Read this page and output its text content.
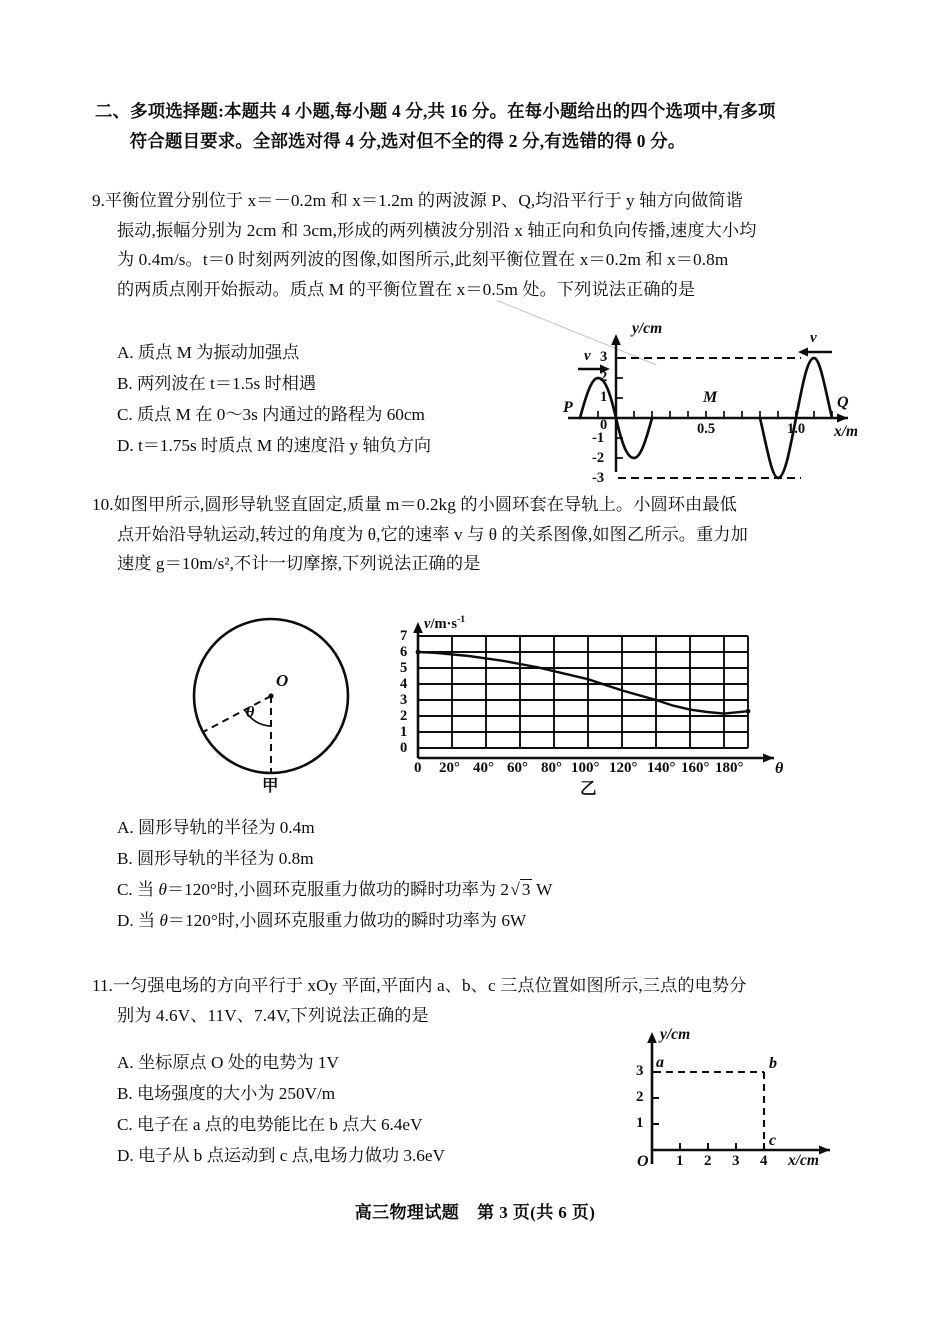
二、多项选择题:本题共 4 小题,每小题 4 分,共 16 分。在每小题给出的四个选项中,有多项
符合题目要求。全部选对得 4 分,选对但不全的得 2 分,有选错的得 0 分。
9.平衡位置分别位于 x＝－0.2m 和 x＝1.2m 的两波源 P、Q,均沿平行于 y 轴方向做简谐
振动,振幅分别为 2cm 和 3cm,形成的两列横波分别沿 x 轴正向和负向传播,速度大小均
为 0.4m/s。t＝0 时刻两列波的图像,如图所示,此刻平衡位置在 x＝0.2m 和 x＝0.8m
的两质点刚开始振动。质点 M 的平衡位置在 x＝0.5m 处。下列说法正确的是
A. 质点 M 为振动加强点
B. 两列波在 t＝1.5s 时相遇
C. 质点 M 在 0～3s 内通过的路程为 60cm
D. t＝1.75s 时质点 M 的速度沿 y 轴负方向
y/cm
x/m
3
2
1
0
-1
-2
-3
0.5	1.0
P
M	Q
v
v
10.如图甲所示,圆形导轨竖直固定,质量 m＝0.2kg 的小圆环套在导轨上。小圆环由最低
点开始沿导轨运动,转过的角度为 θ,它的速率 v 与 θ 的关系图像,如图乙所示。重力加
速度 g＝10m/s²,不计一切摩擦,下列说法正确的是
O
θ
甲
$v/m\cdot s^{-1}$
θ
7
6
5
4
3
2
1
0
0 20° 40° 60° 80° 100° 120° 140° 160° 180°
乙
A. 圆形导轨的半径为 0.4m
B. 圆形导轨的半径为 0.8m
C. 当 θ＝120°时,小圆环克服重力做功的瞬时功率为 2√ 3 W
D. 当 θ＝120°时,小圆环克服重力做功的瞬时功率为 6W
11.一匀强电场的方向平行于 xOy 平面,平面内 a、b、c 三点位置如图所示,三点的电势分
别为 4.6V、11V、7.4V,下列说法正确的是
A. 坐标原点 O 处的电势为 1V
B. 电场强度的大小为 250V/m
C. 电子在 a 点的电势能比在 b 点大 6.4eV
D. 电子从 b 点运动到 c 点,电场力做功 3.6eV
y/cm
x/cm
3
2
1
1 2 3 4
O
a	b
c
高三物理试题 第 3 页(共 6 页)
